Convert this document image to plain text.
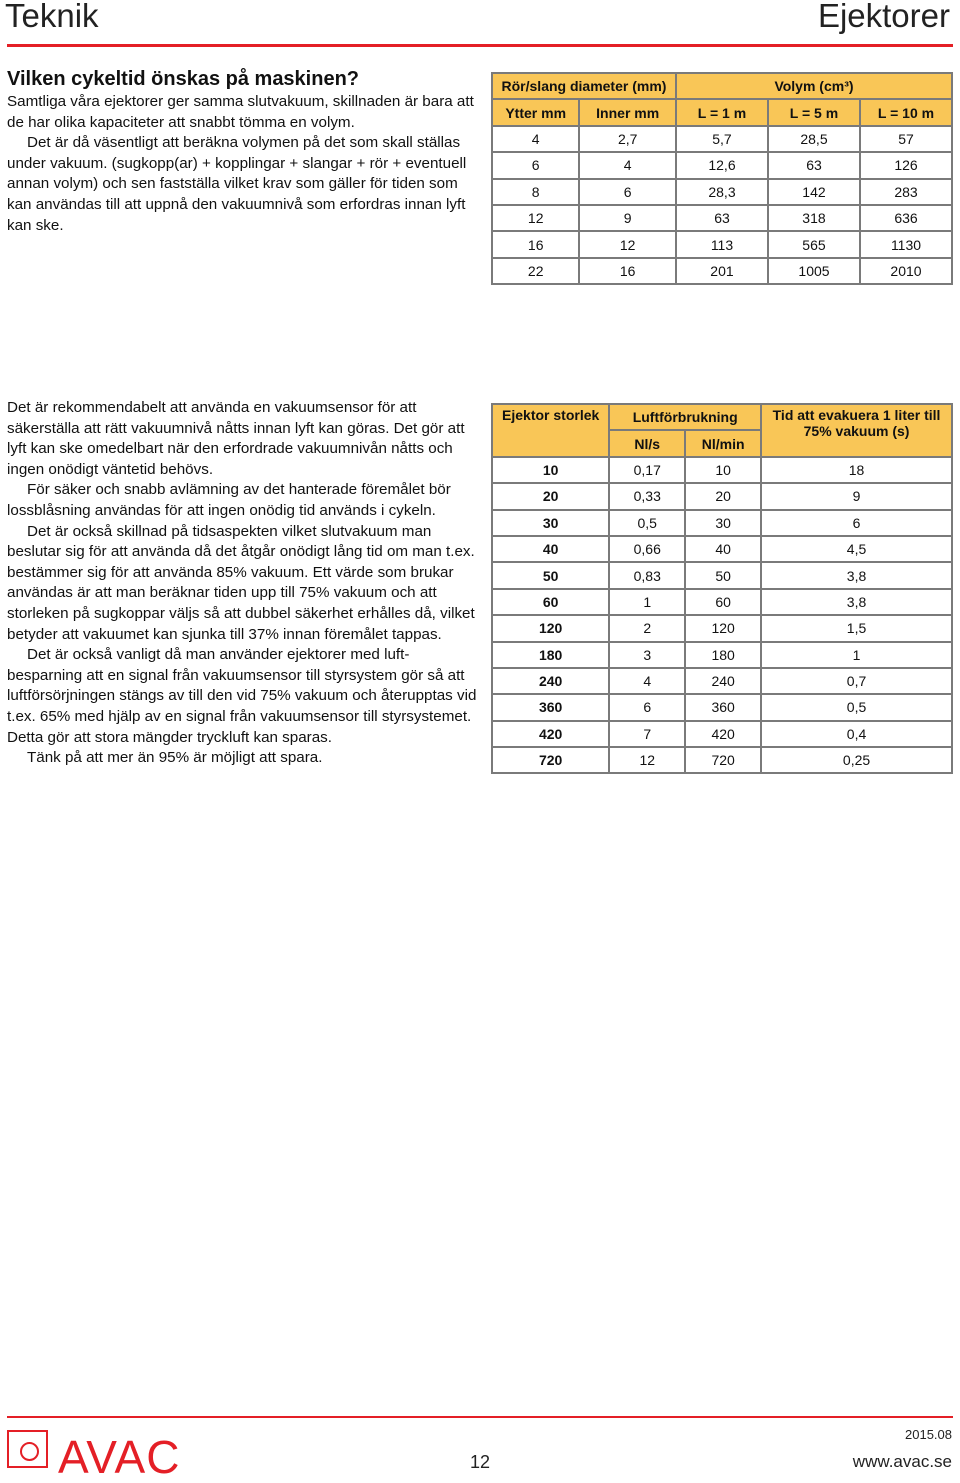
Teknik	Ejektorer
Vilken cykeltid önskas på maskinen?

Samtliga våra ejektorer ger samma slutvakuum, skillnaden är bara att de har olika kapaciteter att snabbt tömma en volym.

Det är då väsentligt att beräkna volymen på det som skall ställas under vakuum. (sugkopp(ar) + kopplingar + slangar + rör + eventuell annan volym) och sen fastställa vilket krav som gäller för tiden som kan användas till att uppnå den vakuumnivå som erfordras innan lyft kan ske.

Rör/slang diameter (mm)		Volym (cm³)		
Ytter mm	Inner mm	L = 1 m	L = 5 m	L = 10 m
4	2,7	5,7	28,5	57
6	4	12,6	63	126
8	6	28,3	142	283
12	9	63	318	636
16	12	113	565	1130
22	16	201	1005	2010

Det är rekommendabelt att använda en vakuumsensor för att säkerställa att rätt vakuumnivå nåtts innan lyft kan göras. Det gör att lyft kan ske omedelbart när den erfordrade vakuumnivån nåtts och ingen onödigt väntetid behövs.

För säker och snabb avlämning av det hanterade föremålet bör lossblåsning användas för att ingen onödig tid används i cykeln.

Det är också skillnad på tidsaspekten vilket slutvakuum man beslutar sig för att använda då det åtgår onödigt lång tid om man t.ex. bestämmer sig för att använda 85% vakuum. Ett värde som brukar användas är att man beräknar tiden upp till 75% vakuum och att storleken på sugkoppar väljs så att dubbel säkerhet erhålles då, vilket betyder att vakuumet kan sjunka till 37% innan föremålet tappas.

Det är också vanligt då man använder ejektorer med luftbesparning att en signal från vakuumsensor till styrsystem gör så att luftförsörjningen stängs av till den vid 75% vakuum och återupptas vid t.ex. 65% med hjälp av en signal från vakuumsensor till styrsystemet. Detta gör att stora mängder tryckluft kan sparas.

Tänk på att mer än 95% är möjligt att spara.

Ejektor storlek	Luftförbrukning		Tid att evakuera 1 liter till 75% vakuum (s)
	Nl/s	Nl/min	
10	0,17	10	18
20	0,33	20	9
30	0,5	30	6
40	0,66	40	4,5
50	0,83	50	3,8
60	1	60	3,8
120	2	120	1,5
180	3	180	1
240	4	240	0,7
360	6	360	0,5
420	7	420	0,4
720	12	720	0,25
AVAC	12
2015.08
www.avac.se
